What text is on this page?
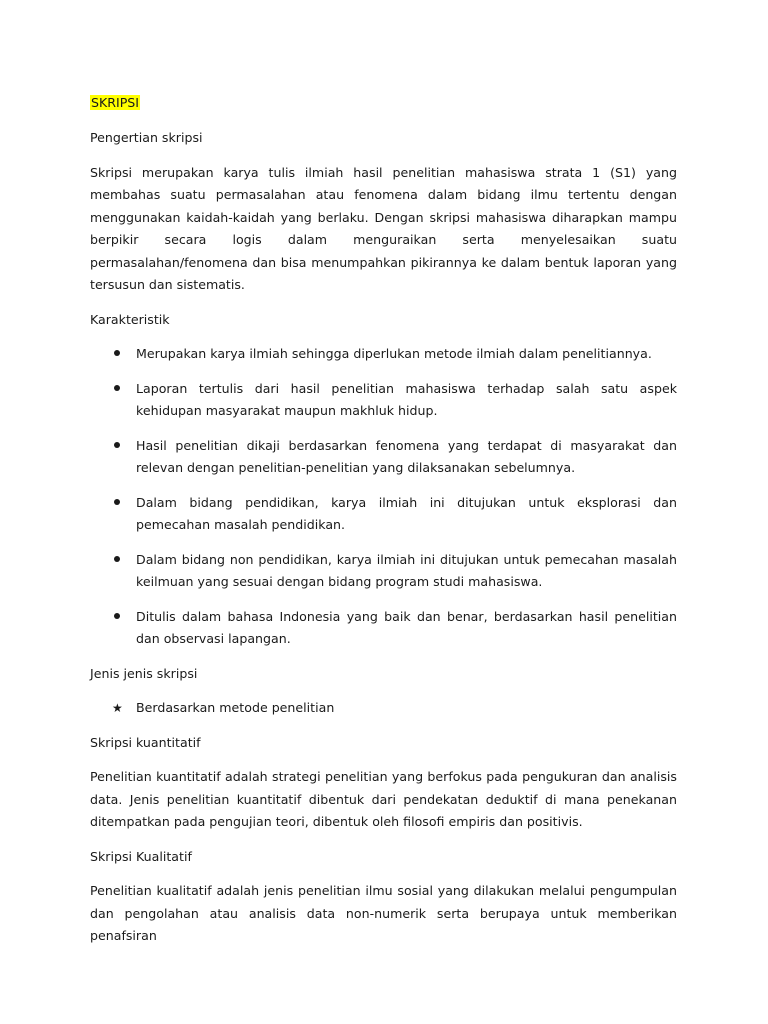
SKRIPSI
Pengertian skripsi

Skripsi merupakan karya tulis ilmiah hasil penelitian mahasiswa strata 1 (S1) yang membahas suatu permasalahan atau fenomena dalam bidang ilmu tertentu dengan menggunakan kaidah-kaidah yang berlaku. Dengan skripsi mahasiswa diharapkan mampu berpikir secara logis dalam menguraikan serta menyelesaikan suatu permasalahan/fenomena dan bisa menumpahkan pikirannya ke dalam bentuk laporan yang tersusun dan sistematis.

Karakteristik
Merupakan karya ilmiah sehingga diperlukan metode ilmiah dalam penelitiannya.
Laporan tertulis dari hasil penelitian mahasiswa terhadap salah satu aspek kehidupan masyarakat maupun makhluk hidup.
Hasil penelitian dikaji berdasarkan fenomena yang terdapat di masyarakat dan relevan dengan penelitian-penelitian yang dilaksanakan sebelumnya.
Dalam bidang pendidikan, karya ilmiah ini ditujukan untuk eksplorasi dan pemecahan masalah pendidikan.
Dalam bidang non pendidikan, karya ilmiah ini ditujukan untuk pemecahan masalah keilmuan yang sesuai dengan bidang program studi mahasiswa.
Ditulis dalam bahasa Indonesia yang baik dan benar, berdasarkan hasil penelitian dan observasi lapangan.
Jenis jenis skripsi
★ Berdasarkan metode penelitian
Skripsi kuantitatif

Penelitian kuantitatif adalah strategi penelitian yang berfokus pada pengukuran dan analisis data. Jenis penelitian kuantitatif dibentuk dari pendekatan deduktif di mana penekanan ditempatkan pada pengujian teori, dibentuk oleh filosofi empiris dan positivis.

Skripsi Kualitatif

Penelitian kualitatif adalah jenis penelitian ilmu sosial yang dilakukan melalui pengumpulan dan pengolahan atau analisis data non-numerik serta berupaya untuk memberikan penafsiran
